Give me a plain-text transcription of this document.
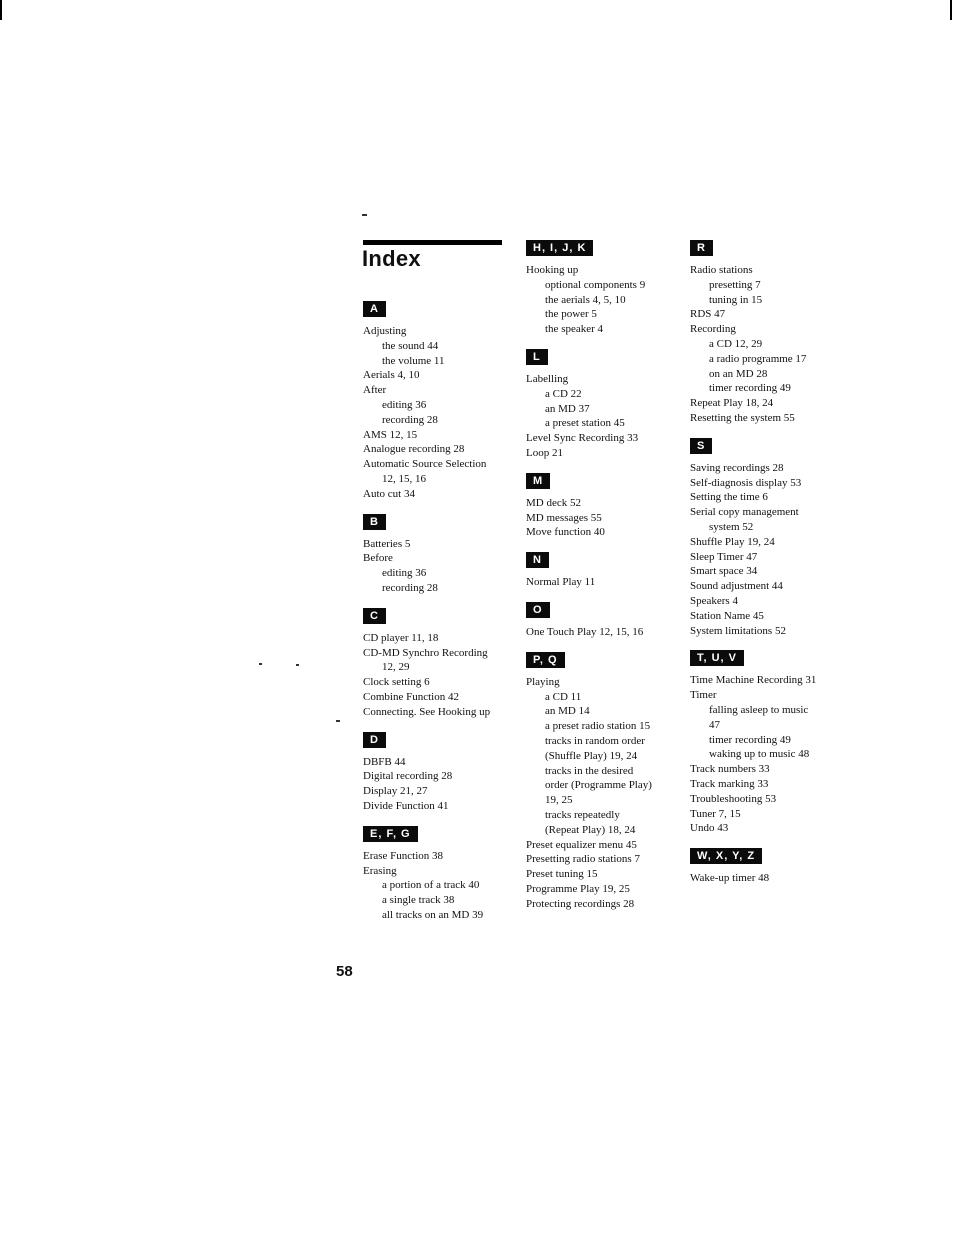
Index
A
Adjusting
the sound 44
the volume 11
Aerials 4, 10
After
editing 36
recording 28
AMS 12, 15
Analogue recording 28
Automatic Source Selection
12, 15, 16
Auto cut 34
B
Batteries 5
Before
editing 36
recording 28
C
CD player 11, 18
CD-MD Synchro Recording
12, 29
Clock setting 6
Combine Function 42
Connecting. See Hooking up
D
DBFB 44
Digital recording 28
Display 21, 27
Divide Function 41
E, F, G
Erase Function 38
Erasing
a portion of a track 40
a single track 38
all tracks on an MD 39
H, I, J, K
Hooking up
optional components 9
the aerials 4, 5, 10
the power 5
the speaker 4
L
Labelling
a CD 22
an MD 37
a preset station 45
Level Sync Recording 33
Loop 21
M
MD deck 52
MD messages 55
Move function 40
N
Normal Play 11
O
One Touch Play 12, 15, 16
P, Q
Playing
a CD 11
an MD 14
a preset radio station 15
tracks in random order
(Shuffle Play) 19, 24
tracks in the desired
order (Programme Play)
19, 25
tracks repeatedly
(Repeat Play) 18, 24
Preset equalizer menu 45
Presetting radio stations 7
Preset tuning 15
Programme Play 19, 25
Protecting recordings 28
R
Radio stations
presetting 7
tuning in 15
RDS 47
Recording
a CD 12, 29
a radio programme 17
on an MD 28
timer recording 49
Repeat Play 18, 24
Resetting the system 55
S
Saving recordings 28
Self-diagnosis display 53
Setting the time 6
Serial copy management
system 52
Shuffle Play 19, 24
Sleep Timer 47
Smart space 34
Sound adjustment 44
Speakers 4
Station Name 45
System limitations 52
T, U, V
Time Machine Recording 31
Timer
falling asleep to music
47
timer recording 49
waking up to music 48
Track numbers 33
Track marking 33
Troubleshooting 53
Tuner 7, 15
Undo 43
W, X, Y, Z
Wake-up timer 48
58
